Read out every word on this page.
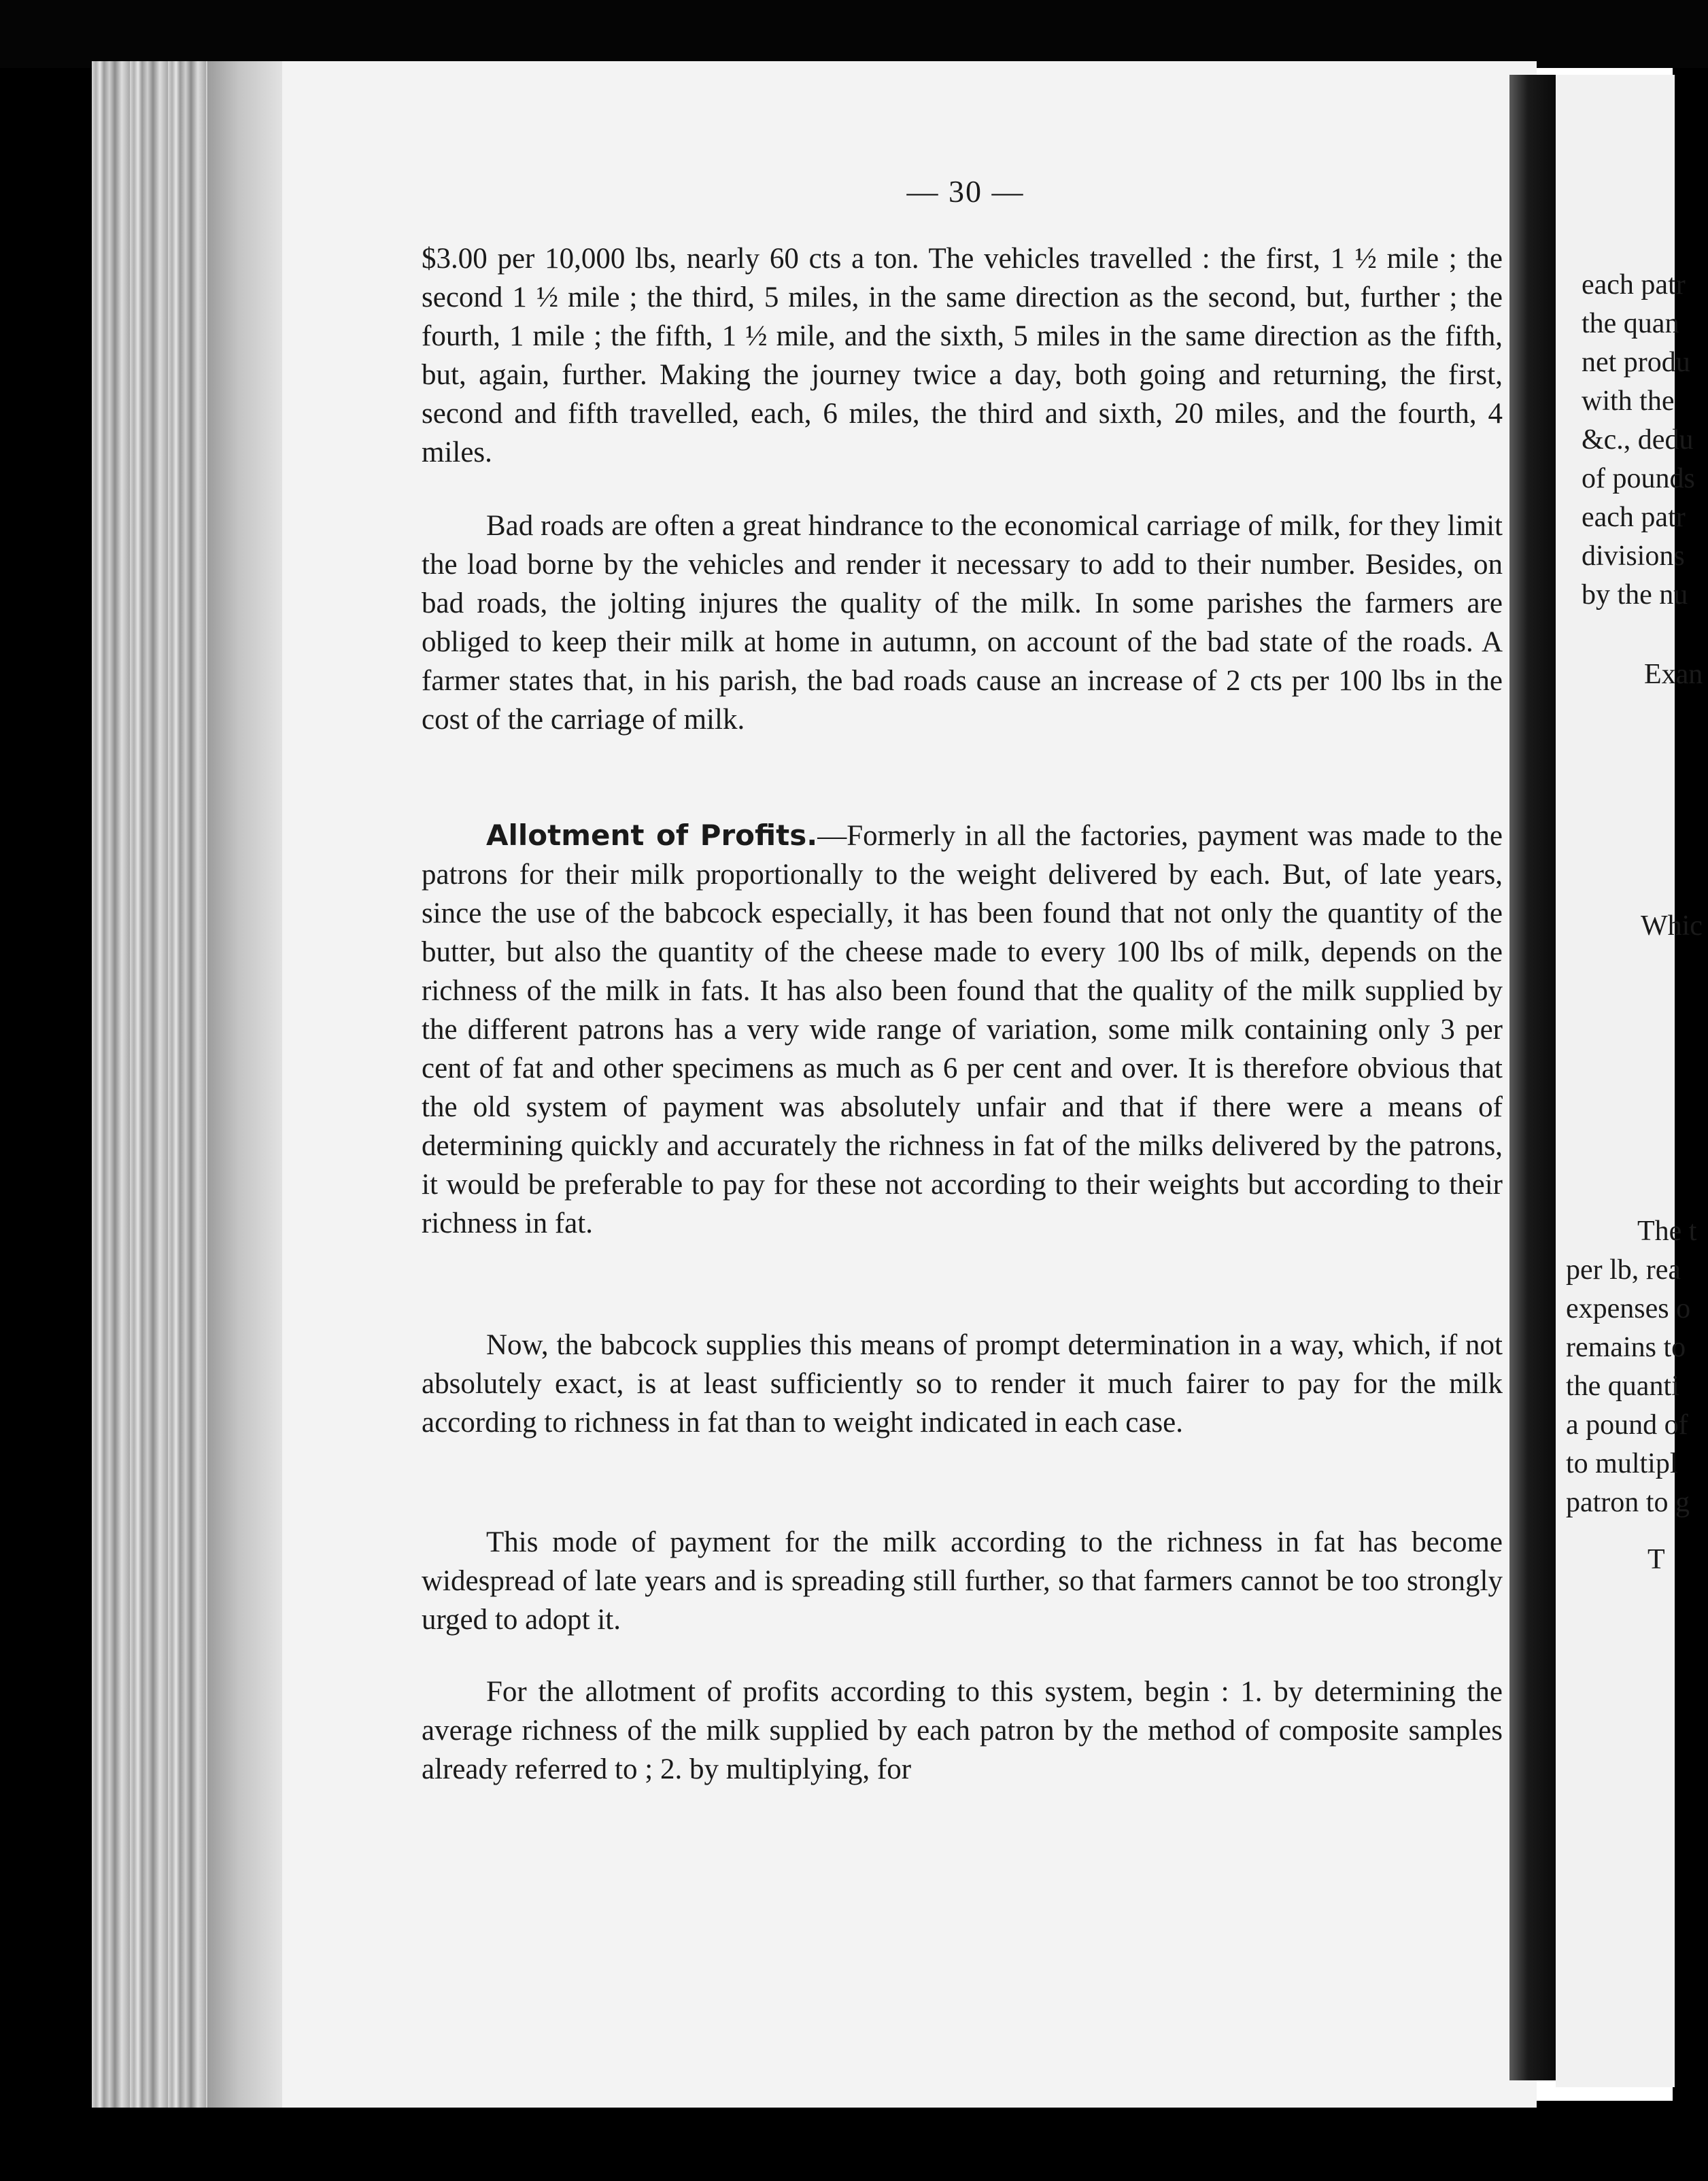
each patr
the quan
net produ
with the
&c., dedu
of pounds
each patr
divisions
by the nu
Exan
Whic
The t
per lb, rea
expenses o
remains to
the quanti
a pound of
to multipl
patron to g
T
— 30 —

$3.00 per 10,000 lbs, nearly 60 cts a ton. The vehicles travelled : the first, 1 ½ mile ; the second 1 ½ mile ; the third, 5 miles, in the same direction as the second, but, further ; the fourth, 1 mile ; the fifth, 1 ½ mile, and the sixth, 5 miles in the same direction as the fifth, but, again, further. Making the journey twice a day, both going and returning, the first, second and fifth travelled, each, 6 miles, the third and sixth, 20 miles, and the fourth, 4 miles.

Bad roads are often a great hindrance to the economical carriage of milk, for they limit the load borne by the vehicles and render it necessary to add to their number. Besides, on bad roads, the jolting injures the quality of the milk. In some parishes the farmers are obliged to keep their milk at home in autumn, on account of the bad state of the roads. A farmer states that, in his parish, the bad roads cause an increase of 2 cts per 100 lbs in the cost of the carriage of milk.

Allotment of Profits.—Formerly in all the factories, payment was made to the patrons for their milk proportionally to the weight delivered by each. But, of late years, since the use of the babcock especially, it has been found that not only the quantity of the butter, but also the quantity of the cheese made to every 100 lbs of milk, depends on the richness of the milk in fats. It has also been found that the quality of the milk supplied by the different patrons has a very wide range of variation, some milk containing only 3 per cent of fat and other specimens as much as 6 per cent and over. It is therefore obvious that the old system of payment was absolutely unfair and that if there were a means of determining quickly and accurately the richness in fat of the milks delivered by the patrons, it would be preferable to pay for these not according to their weights but according to their richness in fat.

Now, the babcock supplies this means of prompt determination in a way, which, if not absolutely exact, is at least sufficiently so to render it much fairer to pay for the milk according to richness in fat than to weight indicated in each case.

This mode of payment for the milk according to the richness in fat has become widespread of late years and is spreading still further, so that farmers cannot be too strongly urged to adopt it.

For the allotment of profits according to this system, begin : 1. by determining the average richness of the milk supplied by each patron by the method of composite samples already referred to ; 2. by multiplying, for
